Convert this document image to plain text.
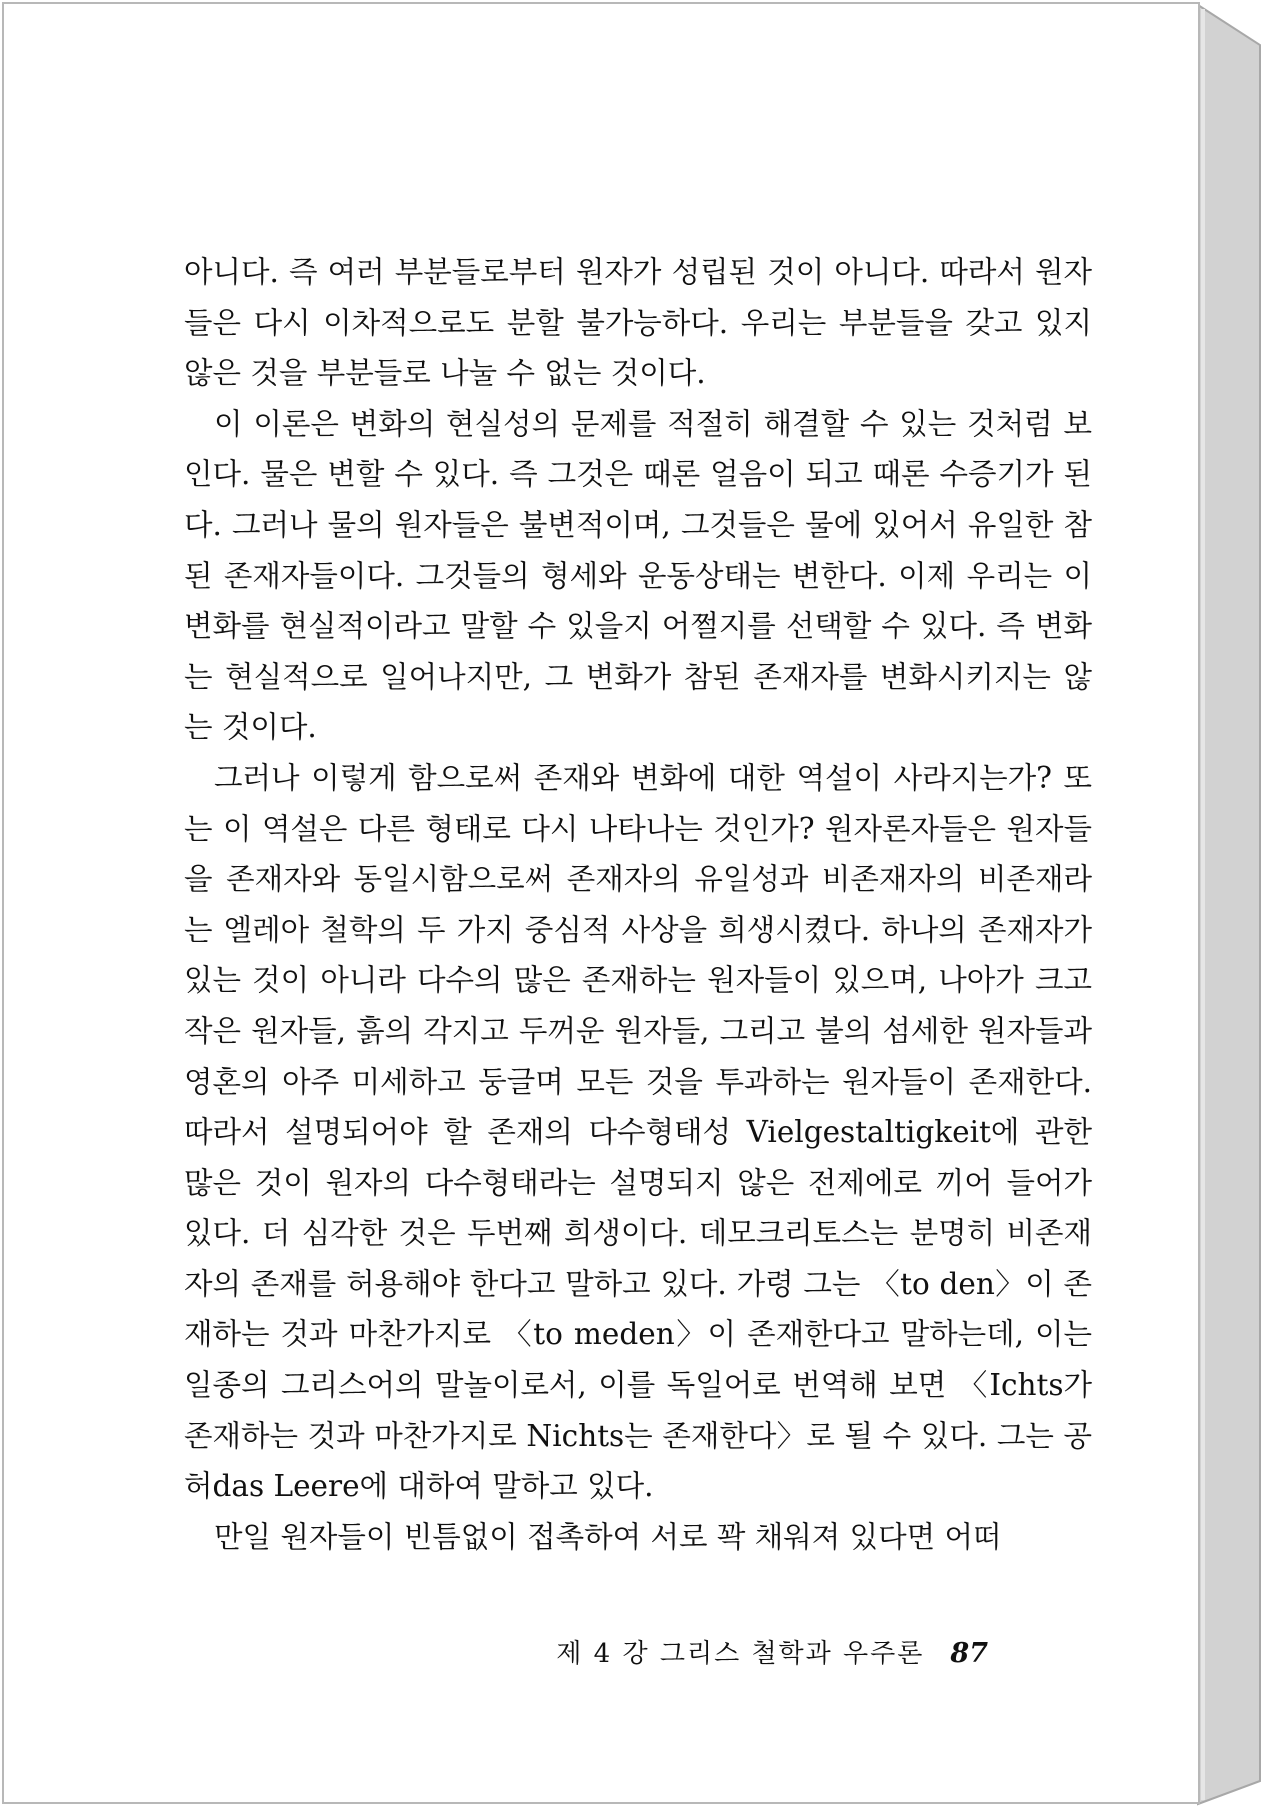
아니다. 즉 여러 부분들로부터 원자가 성립된 것이 아니다. 따라서 원자들은 다시 이차적으로도 분할 불가능하다. 우리는 부분들을 갖고 있지 않은 것을 부분들로 나눌 수 없는 것이다.

이 이론은 변화의 현실성의 문제를 적절히 해결할 수 있는 것처럼 보인다. 물은 변할 수 있다. 즉 그것은 때론 얼음이 되고 때론 수증기가 된다. 그러나 물의 원자들은 불변적이며, 그것들은 물에 있어서 유일한 참된 존재자들이다. 그것들의 형세와 운동상태는 변한다. 이제 우리는 이 변화를 현실적이라고 말할 수 있을지 어쩔지를 선택할 수 있다. 즉 변화는 현실적으로 일어나지만, 그 변화가 참된 존재자를 변화시키지는 않는 것이다.

그러나 이렇게 함으로써 존재와 변화에 대한 역설이 사라지는가? 또는 이 역설은 다른 형태로 다시 나타나는 것인가? 원자론자들은 원자들을 존재자와 동일시함으로써 존재자의 유일성과 비존재자의 비존재라는 엘레아 철학의 두 가지 중심적 사상을 희생시켰다. 하나의 존재자가 있는 것이 아니라 다수의 많은 존재하는 원자들이 있으며, 나아가 크고 작은 원자들, 흙의 각지고 두꺼운 원자들, 그리고 불의 섬세한 원자들과 영혼의 아주 미세하고 둥글며 모든 것을 투과하는 원자들이 존재한다. 따라서 설명되어야 할 존재의 다수형태성 Vielgestaltigkeit에 관한 많은 것이 원자의 다수형태라는 설명되지 않은 전제에로 끼어 들어가 있다. 더 심각한 것은 두번째 희생이다. 데모크리토스는 분명히 비존재자의 존재를 허용해야 한다고 말하고 있다. 가령 그는 〈to den〉이 존재하는 것과 마찬가지로 〈to meden〉이 존재한다고 말하는데, 이는 일종의 그리스어의 말놀이로서, 이를 독일어로 번역해 보면 〈Ichts가 존재하는 것과 마찬가지로 Nichts는 존재한다〉로 될 수 있다. 그는 공허das Leere에 대하여 말하고 있다.

만일 원자들이 빈틈없이 접촉하여 서로 꽉 채워져 있다면 어떠

제 4 강 그리스 철학과 우주론 87
